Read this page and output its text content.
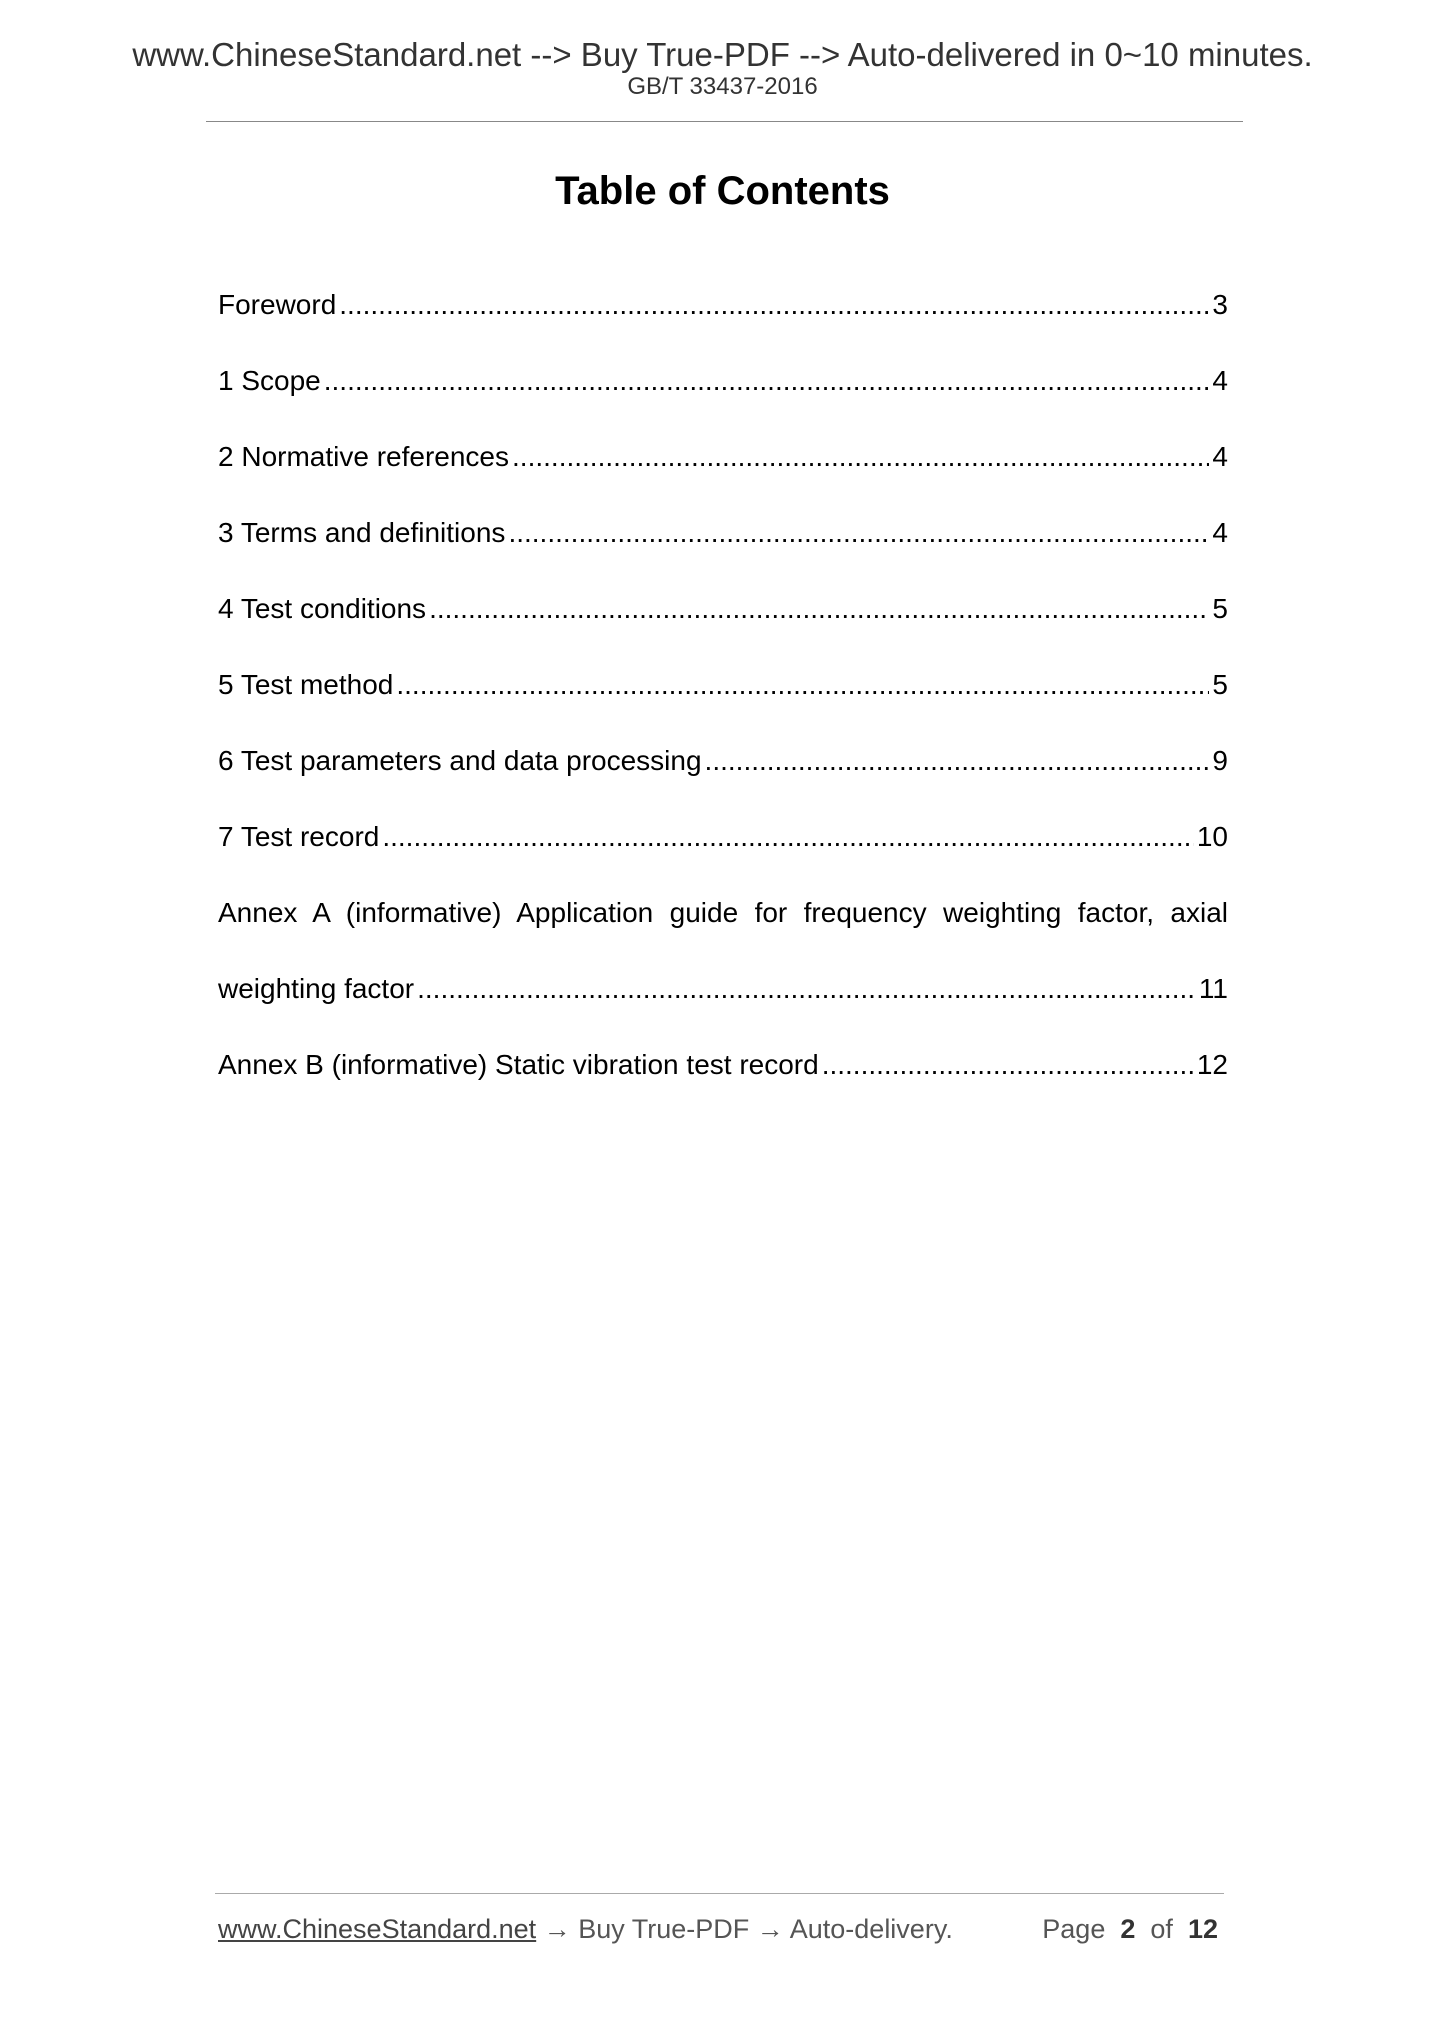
www.ChineseStandard.net --> Buy True-PDF --> Auto-delivered in 0~10 minutes.
GB/T 33437-2016
Table of Contents
Foreword .....	3
1 Scope .....	4
2 Normative references .....	4
3 Terms and definitions .....	4
4 Test conditions .....	5
5 Test method .....	5
6 Test parameters and data processing .....	9
7 Test record .....	10
Annex A (informative) Application guide for frequency weighting factor, axial
weighting factor .....	11
Annex B (informative) Static vibration test record .....	12
www.ChineseStandard.net → Buy True-PDF → Auto-delivery.	Page 2 of 12
